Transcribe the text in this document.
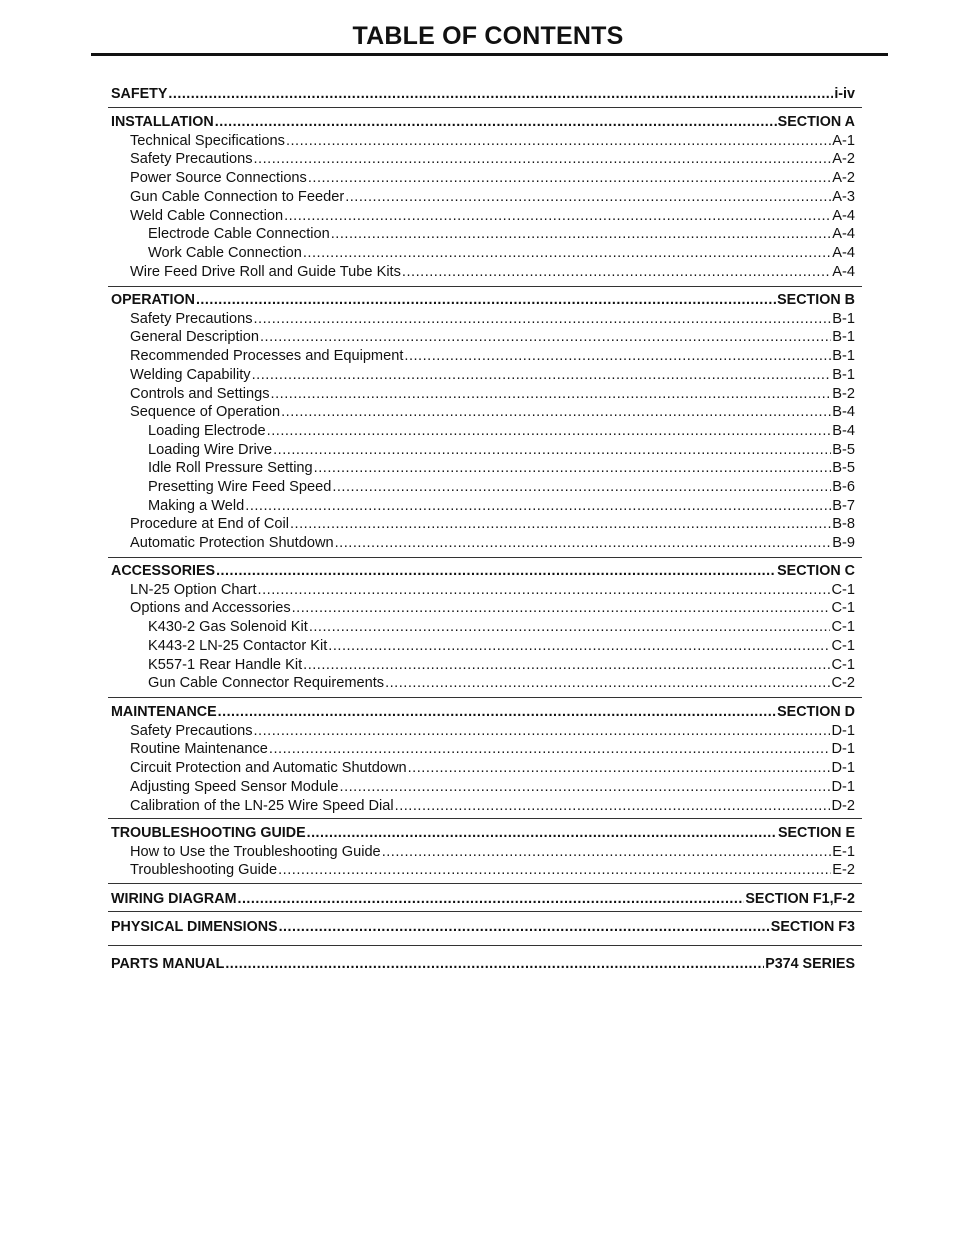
TABLE OF CONTENTS
SAFETY .....	i-iv
INSTALLATION .....	SECTION A
Technical Specifications .....	A-1
Safety Precautions .....	A-2
Power Source Connections .....	A-2
Gun Cable Connection to Feeder .....	A-3
Weld Cable Connection .....	A-4
Electrode Cable Connection .....	A-4
Work Cable Connection .....	A-4
Wire Feed Drive Roll and Guide Tube Kits .....	A-4
OPERATION .....	SECTION B
Safety Precautions .....	B-1
General Description .....	B-1
Recommended Processes and Equipment .....	B-1
Welding Capability .....	B-1
Controls and Settings .....	B-2
Sequence of Operation .....	B-4
Loading Electrode .....	B-4
Loading Wire Drive .....	B-5
Idle Roll Pressure Setting .....	B-5
Presetting Wire Feed Speed .....	B-6
Making a Weld .....	B-7
Procedure at End of Coil .....	B-8
Automatic Protection Shutdown .....	B-9
ACCESSORIES .....	SECTION C
LN-25 Option Chart .....	C-1
Options and Accessories .....	C-1
K430-2 Gas Solenoid Kit .....	C-1
K443-2 LN-25 Contactor Kit .....	C-1
K557-1 Rear Handle Kit .....	C-1
Gun Cable Connector Requirements .....	C-2
MAINTENANCE .....	SECTION D
Safety Precautions .....	D-1
Routine Maintenance .....	D-1
Circuit Protection and Automatic Shutdown .....	D-1
Adjusting Speed Sensor Module .....	D-1
Calibration of the LN-25 Wire Speed Dial .....	D-2
TROUBLESHOOTING GUIDE .....	SECTION E
How to Use the Troubleshooting Guide .....	E-1
Troubleshooting Guide .....	E-2
WIRING DIAGRAM .....	SECTION F1,F-2
PHYSICAL DIMENSIONS .....	SECTION F3
PARTS MANUAL .....	P374 SERIES
